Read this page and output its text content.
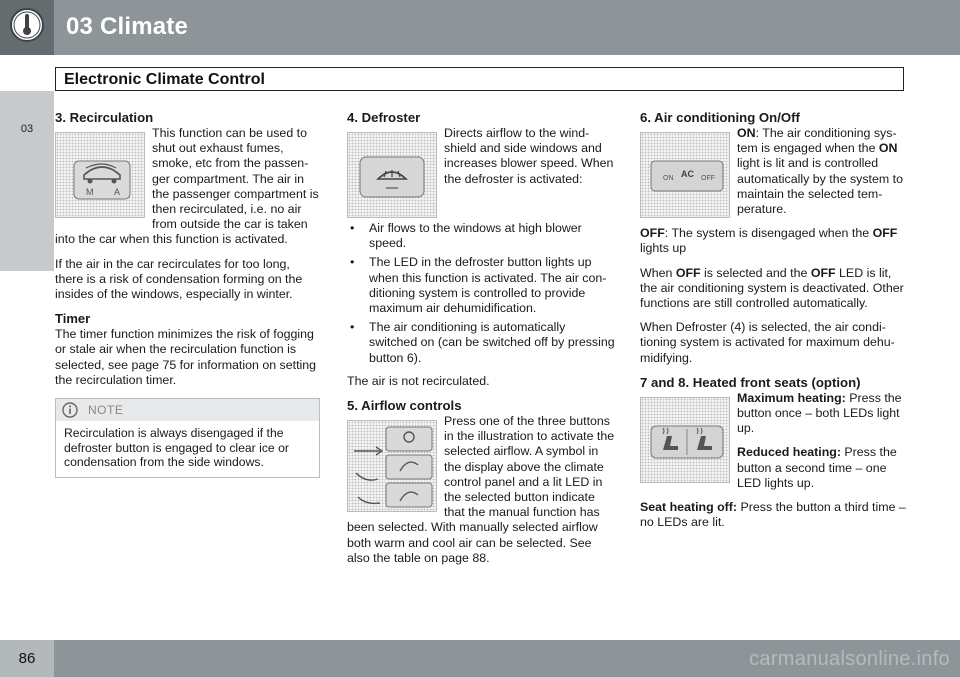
03 Climate
Electronic Climate Control
03
3. Recirculation
M A

This function can be used to shut out exhaust fumes, smoke, etc from the passenger compartment. The air in the passenger compartment is then recirculated, i.e. no air from outside the car is taken into the car when this function is activated.

If the air in the car recirculates for too long, there is a risk of condensation forming on the insides of the windows, especially in winter.

Timer

The timer function minimizes the risk of fogging or stale air when the recirculation function is selected, see page 75 for information on setting the recirculation timer.

NOTE
Recirculation is always disengaged if the defroster button is engaged to clear ice or condensation from the side windows.
4. Defroster

Directs airflow to the windshield and side windows and increases blower speed. When the defroster is activated:

• Air flows to the windows at high blower speed.
• The LED in the defroster button lights up when this function is activated. The air conditioning system is controlled to provide maximum air dehumidification.
• The air conditioning is automatically switched on (can be switched off by pressing button 6).

The air is not recirculated.

5. Airflow controls

Press one of the three buttons in the illustration to activate the selected airflow. A symbol in the display above the climate control panel and a lit LED in the selected button indicate that the manual function has been selected. With manually selected airflow both warm and cool air can be selected. See also the table on page 88.

6. Air conditioning On/Off
ON AC OFF

ON: The air conditioning system is engaged when the ON light is lit and is controlled automatically by the system to maintain the selected temperature.

OFF: The system is disengaged when the OFF lights up

When OFF is selected and the OFF LED is lit, the air conditioning system is deactivated. Other functions are still controlled automatically.

When Defroster (4) is selected, the air conditioning system is activated for maximum dehumidifying.

7 and 8. Heated front seats (option)

Maximum heating: Press the button once – both LEDs light up.

Reduced heating: Press the button a second time – one LED lights up.

Seat heating off: Press the button a third time – no LEDs are lit.

86	carmanualsonline.info
